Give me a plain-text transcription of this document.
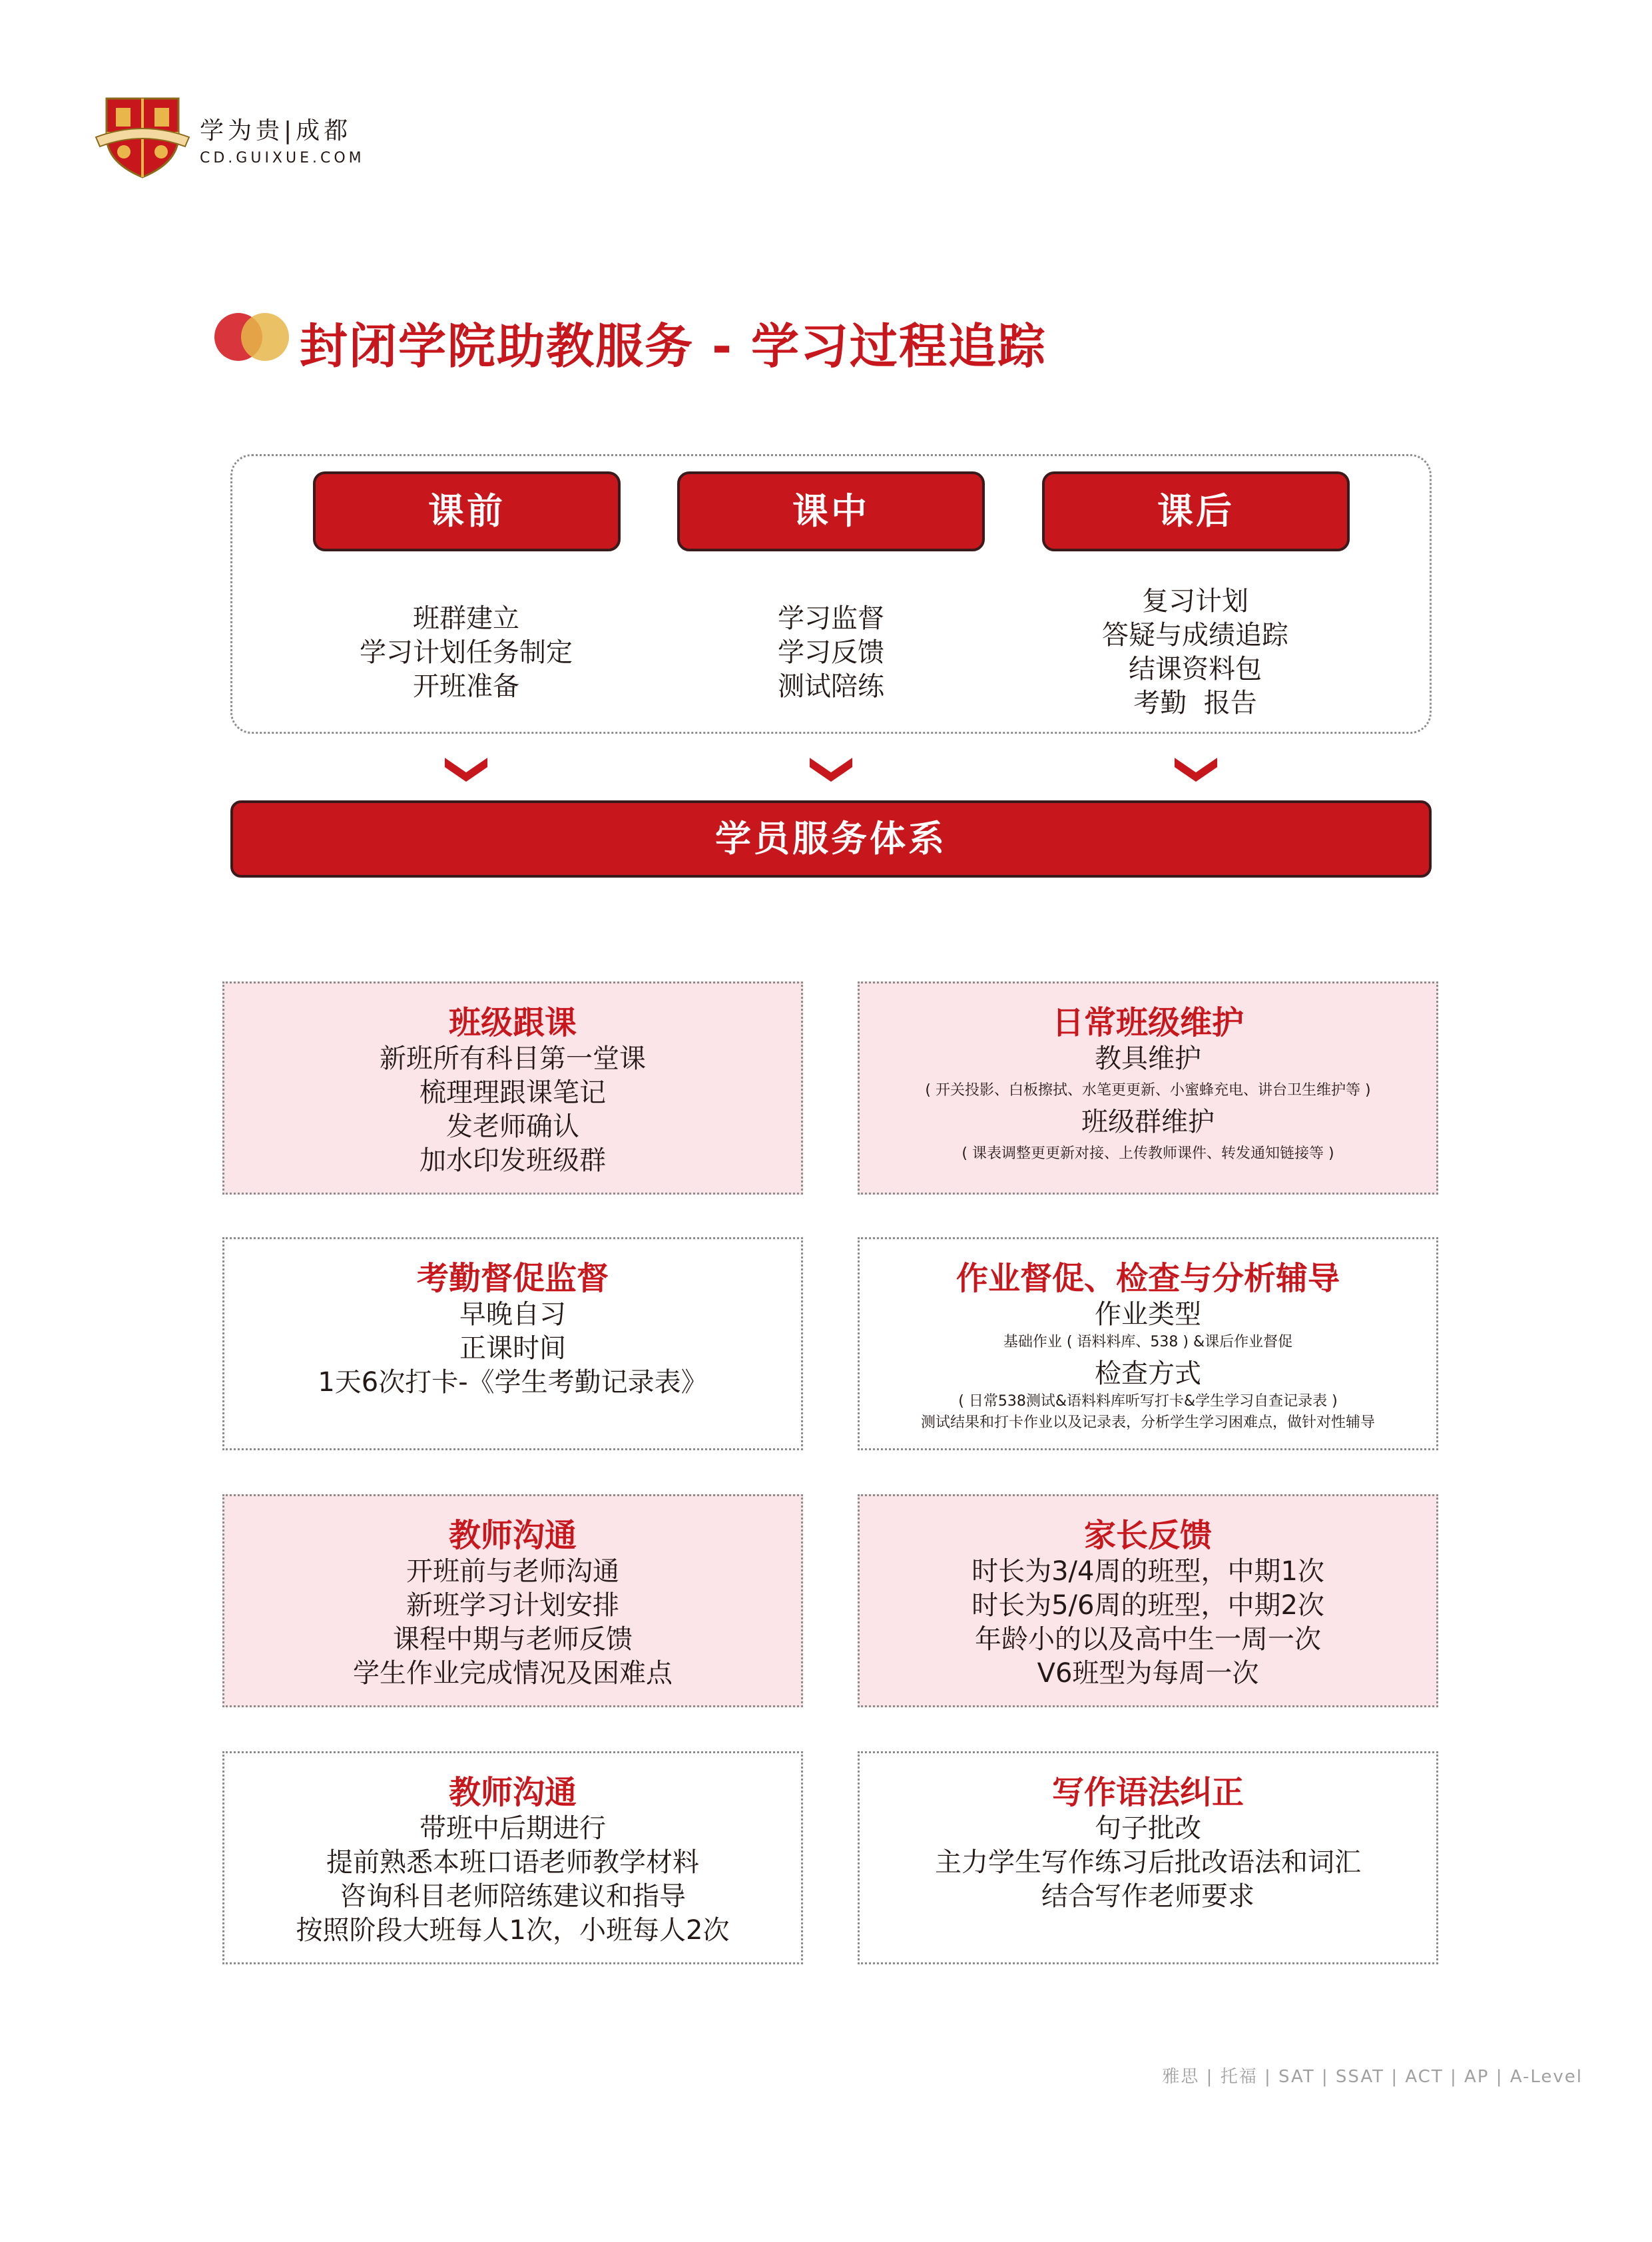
学为贵|成都
CD.GUIXUE.COM
封闭学院助教服务 - 学习过程追踪
课前	课中	课后
班群建立
学习计划任务制定
开班准备
学习监督
学习反馈
测试陪练
复习计划
答疑与成绩追踪
结课资料包
考勤  报告
学员服务体系
班级跟课
新班所有科目第一堂课
梳理理跟课笔记
发老师确认
加水印发班级群
日常班级维护
教具维护
( 开关投影、白板擦拭、水笔更更新、小蜜蜂充电、讲台卫生维护等 )
班级群维护
( 课表调整更更新对接、上传教师课件、转发通知链接等 )
考勤督促监督
早晚自习
正课时间
1天6次打卡-《学生考勤记录表》
作业督促、检查与分析辅导
作业类型
基础作业 ( 语料料库、538 ) &课后作业督促
检查方式
( 日常538测试&语料料库听写打卡&学生学习自查记录表 )
测试结果和打卡作业以及记录表，分析学生学习困难点，做针对性辅导
教师沟通
开班前与老师沟通
新班学习计划安排
课程中期与老师反馈
学生作业完成情况及困难点
家长反馈
时长为3/4周的班型，中期1次
时长为5/6周的班型，中期2次
年龄小的以及高中生一周一次
V6班型为每周一次
教师沟通
带班中后期进行
提前熟悉本班口语老师教学材料
咨询科目老师陪练建议和指导
按照阶段大班每人1次，小班每人2次
写作语法纠正
句子批改
主力学生写作练习后批改语法和词汇
结合写作老师要求
雅思 | 托福 | SAT | SSAT | ACT | AP | A-Level
